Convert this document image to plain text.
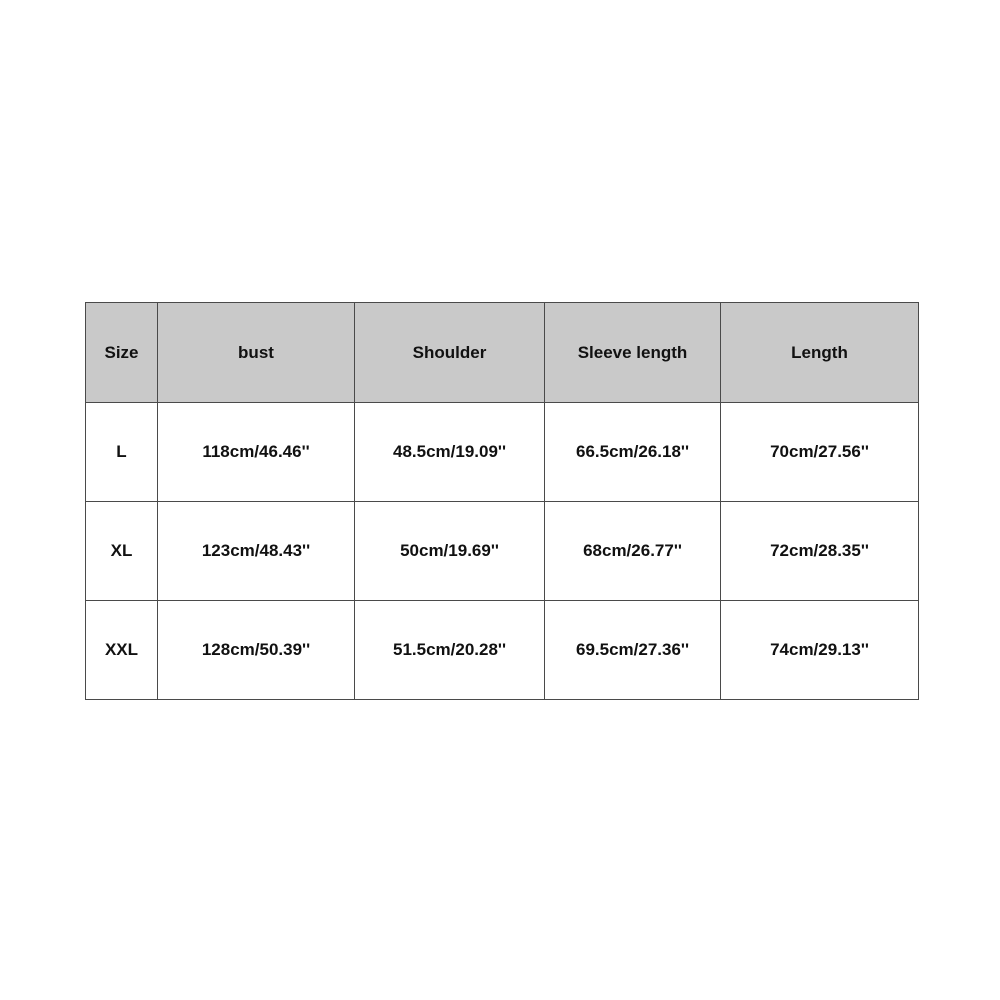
Size	bust	Shoulder	Sleeve length	Length
L	118cm/46.46''	48.5cm/19.09''	66.5cm/26.18''	70cm/27.56''
XL	123cm/48.43''	50cm/19.69''	68cm/26.77''	72cm/28.35''
XXL	128cm/50.39''	51.5cm/20.28''	69.5cm/27.36''	74cm/29.13''
